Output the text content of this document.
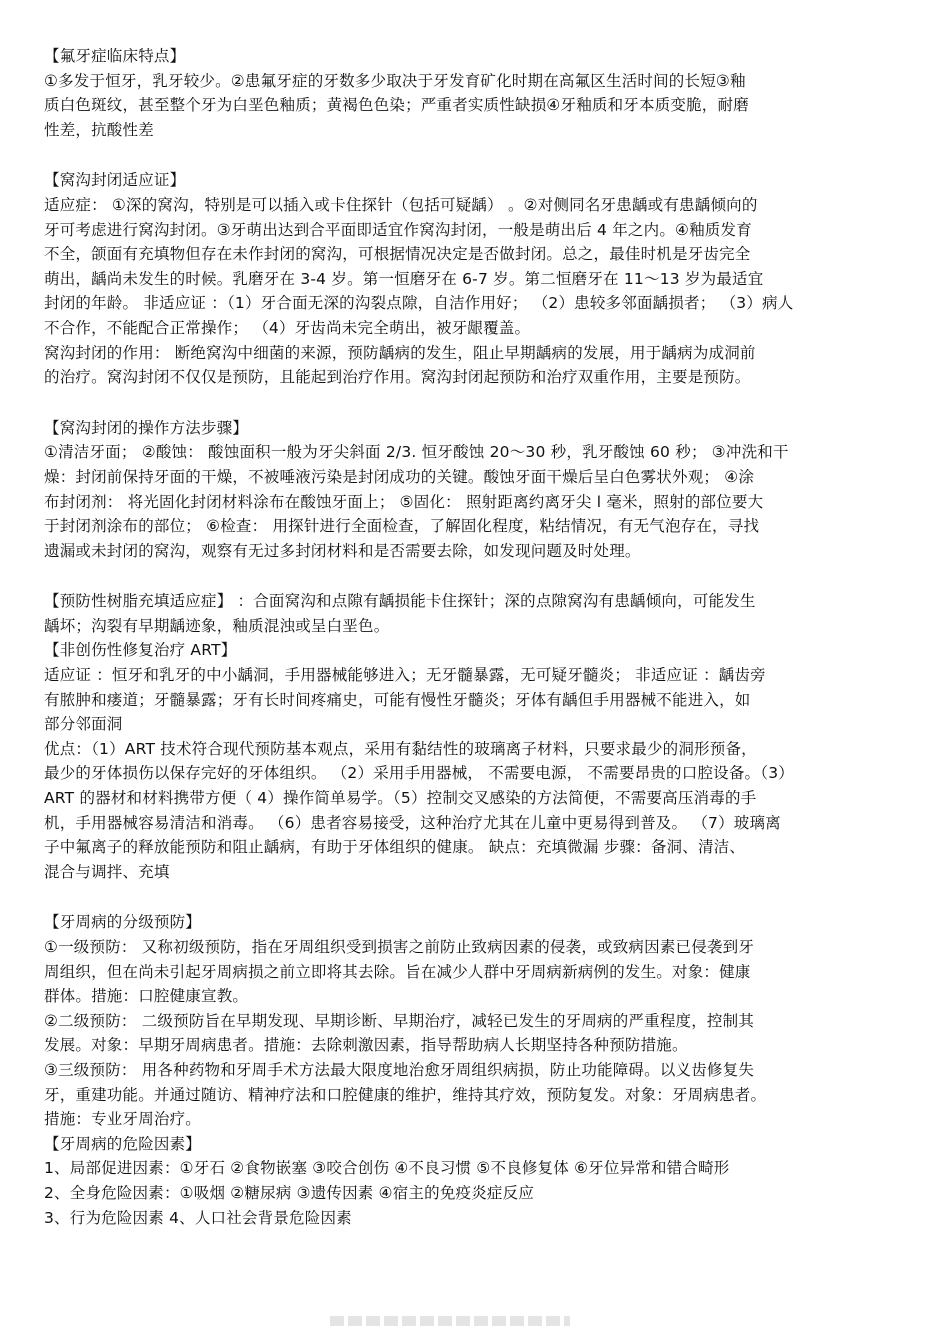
【氟牙症临床特点】
①多发于恒牙，乳牙较少。②患氟牙症的牙数多少取决于牙发育矿化时期在高氟区生活时间的长短③釉
质白色斑纹，甚至整个牙为白垩色釉质；黄褐色色染；严重者实质性缺损④牙釉质和牙本质变脆，耐磨
性差，抗酸性差
【窝沟封闭适应证】
适应症： ①深的窝沟，特别是可以插入或卡住探针（包括可疑龋） 。②对侧同名牙患龋或有患龋倾向的
牙可考虑进行窝沟封闭。③牙萌出达到合平面即适宜作窝沟封闭，一般是萌出后 4 年之内。④釉质发育
不全，颌面有充填物但存在未作封闭的窝沟，可根据情况决定是否做封闭。总之，最佳时机是牙齿完全
萌出，龋尚未发生的时候。乳磨牙在 3-4 岁。第一恒磨牙在 6-7 岁。第二恒磨牙在 11～13 岁为最适宜
封闭的年龄。 非适应证 ：（1）牙合面无深的沟裂点隙，自洁作用好； （2）患较多邻面龋损者； （3）病人
不合作，不能配合正常操作； （4）牙齿尚未完全萌出，被牙龈覆盖。
窝沟封闭的作用： 断绝窝沟中细菌的来源，预防龋病的发生，阻止早期龋病的发展，用于龋病为成洞前
的治疗。窝沟封闭不仅仅是预防，且能起到治疗作用。窝沟封闭起预防和治疗双重作用，主要是预防。
【窝沟封闭的操作方法步骤】
①清洁牙面； ②酸蚀： 酸蚀面积一般为牙尖斜面 2/3. 恒牙酸蚀 20～30 秒，乳牙酸蚀 60 秒； ③冲洗和干
燥：封闭前保持牙面的干燥，不被唾液污染是封闭成功的关键。酸蚀牙面干燥后呈白色雾状外观； ④涂
布封闭剂： 将光固化封闭材料涂布在酸蚀牙面上； ⑤固化： 照射距离约离牙尖 l 毫米，照射的部位要大
于封闭剂涂布的部位； ⑥检查： 用探针进行全面检查，了解固化程度，粘结情况，有无气泡存在，寻找
遗漏或未封闭的窝沟，观察有无过多封闭材料和是否需要去除，如发现问题及时处理。
【预防性树脂充填适应症】 ：合面窝沟和点隙有龋损能卡住探针；深的点隙窝沟有患龋倾向，可能发生
龋坏；沟裂有早期龋迹象，釉质混浊或呈白垩色。
【非创伤性修复治疗 ART】
适应证 ：恒牙和乳牙的中小龋洞，手用器械能够进入；无牙髓暴露，无可疑牙髓炎； 非适应证 ：龋齿旁
有脓肿和瘘道；牙髓暴露；牙有长时间疼痛史，可能有慢性牙髓炎；牙体有龋但手用器械不能进入，如
部分邻面洞
优点：（1）ART 技术符合现代预防基本观点，采用有黏结性的玻璃离子材料，只要求最少的洞形预备，
最少的牙体损伤以保存完好的牙体组织。 （2）采用手用器械， 不需要电源， 不需要昂贵的口腔设备。（3）
ART 的器材和材料携带方便（ 4）操作简单易学。（5）控制交叉感染的方法简便，不需要高压消毒的手
机，手用器械容易清洁和消毒。 （6）患者容易接受，这种治疗尤其在儿童中更易得到普及。 （7）玻璃离
子中氟离子的释放能预防和阻止龋病，有助于牙体组织的健康。 缺点：充填微漏 步骤：备洞、清洁、
混合与调拌、充填
【牙周病的分级预防】
①一级预防： 又称初级预防，指在牙周组织受到损害之前防止致病因素的侵袭，或致病因素已侵袭到牙
周组织，但在尚未引起牙周病损之前立即将其去除。旨在减少人群中牙周病新病例的发生。对象：健康
群体。措施：口腔健康宣教。
②二级预防： 二级预防旨在早期发现、早期诊断、早期治疗，减轻已发生的牙周病的严重程度，控制其
发展。对象：早期牙周病患者。措施：去除刺激因素，指导帮助病人长期坚持各种预防措施。
③三级预防： 用各种药物和牙周手术方法最大限度地治愈牙周组织病损，防止功能障碍。以义齿修复失
牙，重建功能。并通过随访、精神疗法和口腔健康的维护，维持其疗效，预防复发。对象：牙周病患者。
措施：专业牙周治疗。
【牙周病的危险因素】
1、局部促进因素：①牙石 ②食物嵌塞 ③咬合创伤 ④不良习惯 ⑤不良修复体 ⑥牙位异常和错合畸形
2、全身危险因素：①吸烟 ②糖尿病 ③遗传因素 ④宿主的免疫炎症反应
3、行为危险因素 4、人口社会背景危险因素
